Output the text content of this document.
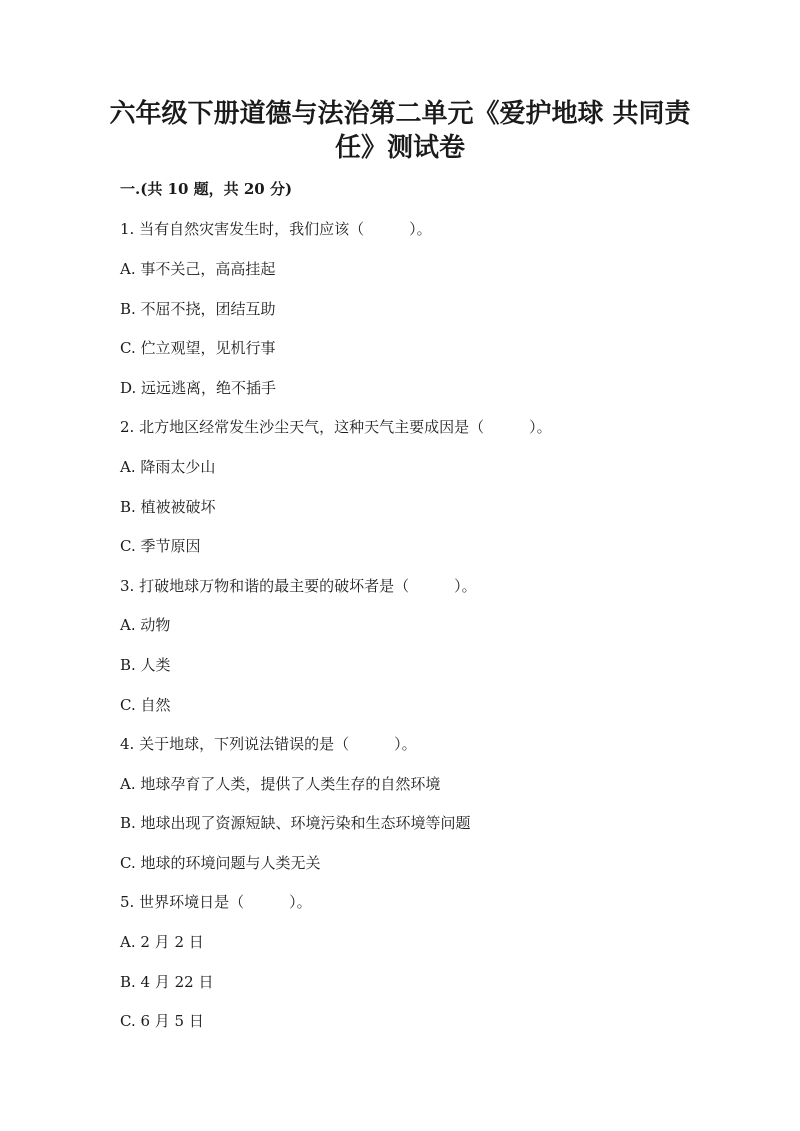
六年级下册道德与法治第二单元《爱护地球 共同责
任》测试卷

一.(共 10 题，共 20 分)

1. 当有自然灾害发生时，我们应该（　　　）。

A. 事不关己，高高挂起

B. 不屈不挠，团结互助

C. 伫立观望，见机行事

D. 远远逃离，绝不插手

2. 北方地区经常发生沙尘天气，这种天气主要成因是（　　　）。

A. 降雨太少山

B. 植被被破坏

C. 季节原因

3. 打破地球万物和谐的最主要的破坏者是（　　　）。

A. 动物

B. 人类

C. 自然

4. 关于地球，下列说法错误的是（　　　）。

A. 地球孕育了人类，提供了人类生存的自然环境

B. 地球出现了资源短缺、环境污染和生态环境等问题

C. 地球的环境问题与人类无关

5. 世界环境日是（　　　）。

A. 2 月 2 日

B. 4 月 22 日

C. 6 月 5 日
